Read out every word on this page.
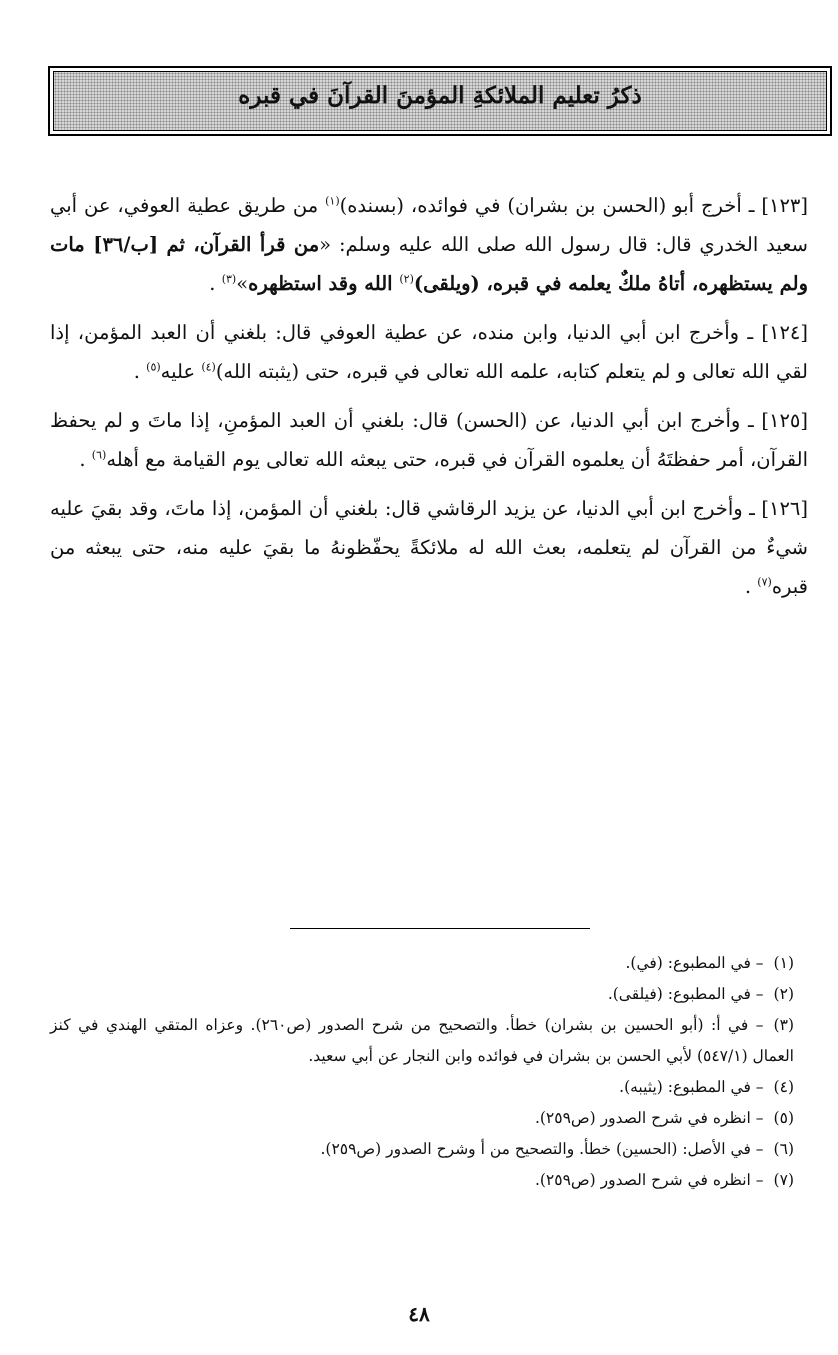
ذكرُ تعليم الملائكةِ المؤمنَ القرآنَ في قبره

[١٢٣] ـ أخرج أبو (الحسن بن بشران) في فوائده، (بسنده)$^{(١)}$ من طريق عطية العوفي، عن أبي سعيد الخدري قال: قال رسول الله صلى الله عليه وسلم: «من قرأ القرآن، ثم [ب/٣٦] مات ولم يستظهره، أتاهُ ملكٌ يعلمه في قبره، (ويلقى)$^{(٢)}$ الله وقد استظهره»$^{(٣)}$ .

[١٢٤] ـ وأخرج ابن أبي الدنيا، وابن منده، عن عطية العوفي قال: بلغني أن العبد المؤمن، إذا لقي الله تعالى و لم يتعلم كتابه، علمه الله تعالى في قبره، حتى (يثبته الله)$^{(٤)}$ عليه$^{(٥)}$ .

[١٢٥] ـ وأخرج ابن أبي الدنيا، عن (الحسن) قال: بلغني أن العبد المؤمنِ، إذا ماتَ و لم يحفظ القرآن، أمر حفظتَهُ أن يعلموه القرآن في قبره، حتى يبعثه الله تعالى يوم القيامة مع أهله$^{(٦)}$ .

[١٢٦] ـ وأخرج ابن أبي الدنيا، عن يزيد الرقاشي قال: بلغني أن المؤمن، إذا ماتَ، وقد بقيَ عليه شيءٌ من القرآن لم يتعلمه، بعث الله له ملائكةً يحفّظونهُ ما بقيَ عليه منه، حتى يبعثه من قبره$^{(٧)}$ .

(١)– في المطبوع: (في).

(٢)– في المطبوع: (فيلقى).

(٣)– في أ: (أبو الحسين بن بشران) خطأ. والتصحيح من شرح الصدور (ص٢٦٠). وعزاه المتقي الهندي في كنز العمال (٥٤٧/١) لأبي الحسن بن بشران في فوائده وابن النجار عن أبي سعيد.

(٤)– في المطبوع: (يثيبه).

(٥)– انظره في شرح الصدور (ص٢٥٩).

(٦)– في الأصل: (الحسين) خطأ. والتصحيح من أ وشرح الصدور (ص٢٥٩).

(٧)– انظره في شرح الصدور (ص٢٥٩).

٤٨
